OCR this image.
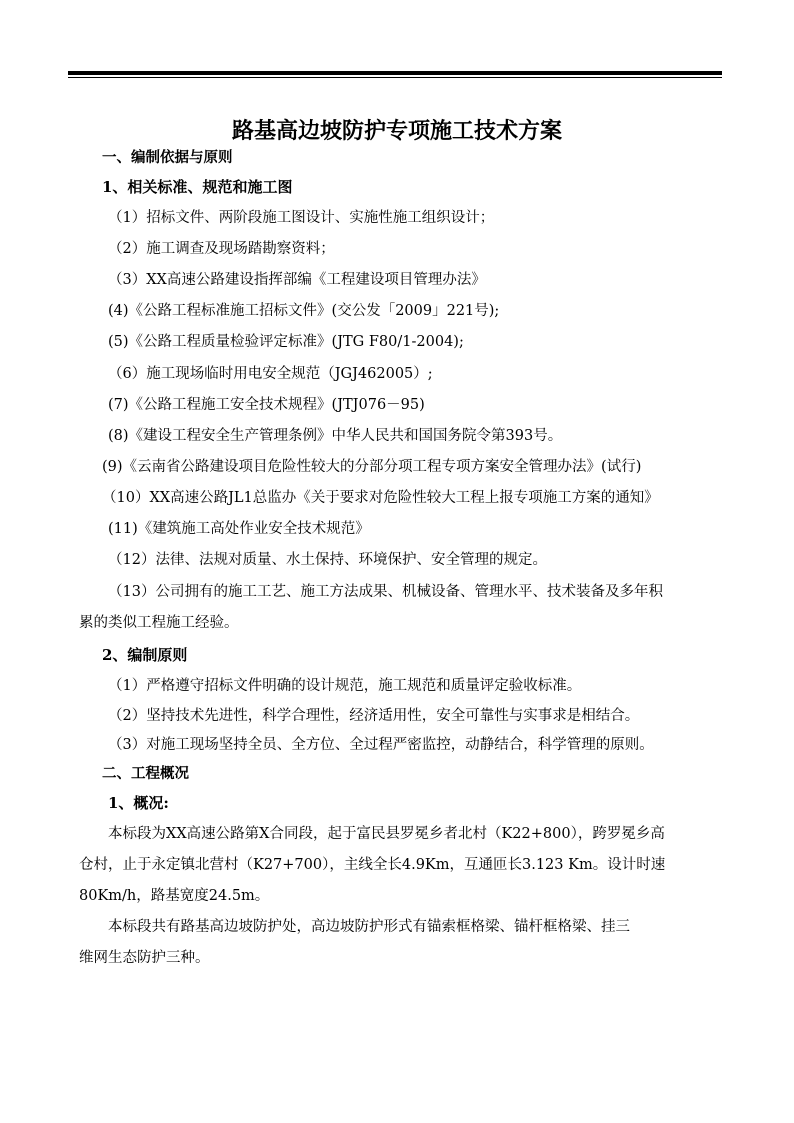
路基高边坡防护专项施工技术方案
一、编制依据与原则
1、相关标准、规范和施工图
（1）招标文件、两阶段施工图设计、实施性施工组织设计；
（2）施工调查及现场踏勘察资料；
（3）XX高速公路建设指挥部编《工程建设项目管理办法》
(4)《公路工程标准施工招标文件》(交公发「2009」221号);
(5)《公路工程质量检验评定标准》(JTG F80/1-2004);
（6）施工现场临时用电安全规范（JGJ462005）;
(7)《公路工程施工安全技术规程》(JTJ076－95)
(8)《建设工程安全生产管理条例》中华人民共和国国务院令第393号。
(9)《云南省公路建设项目危险性较大的分部分项工程专项方案安全管理办法》(试行)
（10）XX高速公路JL1总监办《关于要求对危险性较大工程上报专项施工方案的通知》
(11)《建筑施工高处作业安全技术规范》
（12）法律、法规对质量、水土保持、环境保护、安全管理的规定。
（13）公司拥有的施工工艺、施工方法成果、机械设备、管理水平、技术装备及多年积
累的类似工程施工经验。
2、编制原则
（1）严格遵守招标文件明确的设计规范，施工规范和质量评定验收标准。
（2）坚持技术先进性，科学合理性，经济适用性，安全可靠性与实事求是相结合。
（3）对施工现场坚持全员、全方位、全过程严密监控，动静结合，科学管理的原则。
二、工程概况
1、概况:
本标段为XX高速公路第X合同段，起于富民县罗冕乡者北村（K22+800），跨罗冕乡高
仓村，止于永定镇北营村（K27+700），主线全长4.9Km，互通匝长3.123 Km。设计时速
80Km/h，路基宽度24.5m。
本标段共有路基高边坡防护处，高边坡防护形式有锚索框格梁、锚杆框格梁、挂三
维网生态防护三种。
